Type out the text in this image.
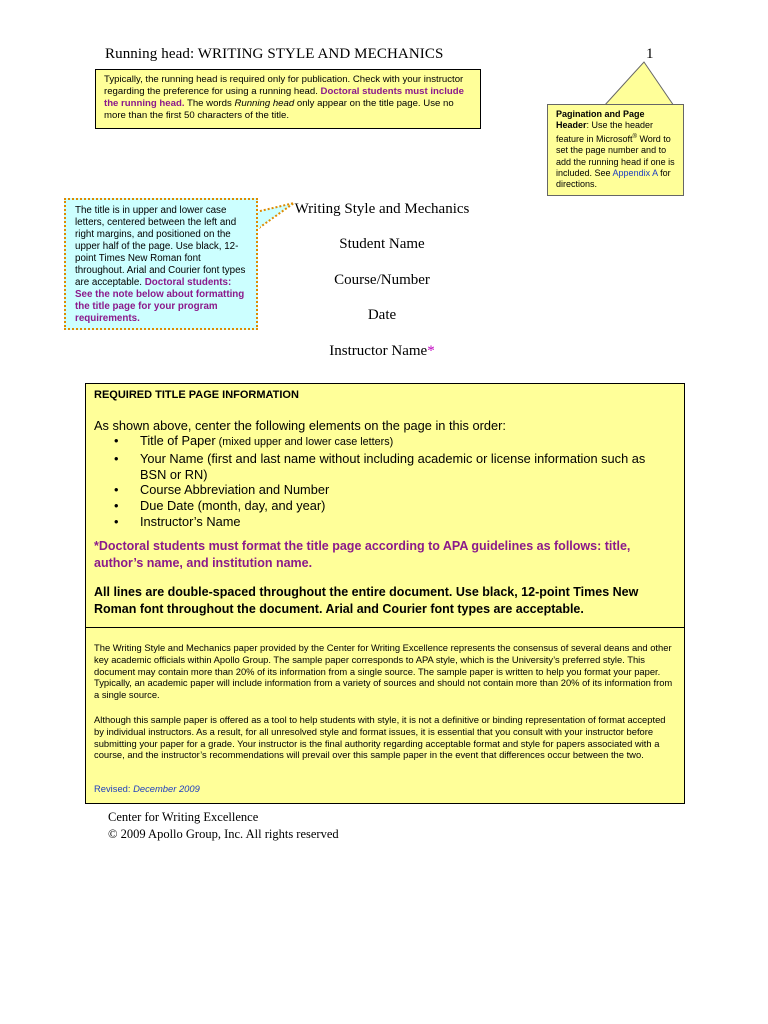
Running head: WRITING STYLE AND MECHANICS	1
Typically, the running head is required only for publication. Check with your instructor regarding the preference for using a running head. Doctoral students must include the running head. The words Running head only appear on the title page. Use no more than the first 50 characters of the title.	Pagination and Page Header: Use the header feature in Microsoft® Word to set the page number and to add the running head if one is included. See Appendix A for directions.
The title is in upper and lower case letters, centered between the left and right margins, and positioned on the upper half of the page. Use black, 12-point Times New Roman font throughout. Arial and Courier font types are acceptable. Doctoral students: See the note below about formatting the title page for your program requirements.
Writing Style and Mechanics
Student Name
Course/Number
Date
Instructor Name*
REQUIRED TITLE PAGE INFORMATION
As shown above, center the following elements on the page in this order:
• Title of Paper (mixed upper and lower case letters)
• Your Name (first and last name without including academic or license information such as BSN or RN)
• Course Abbreviation and Number
• Due Date (month, day, and year)
• Instructor’s Name
*Doctoral students must format the title page according to APA guidelines as follows: title, author’s name, and institution name.
All lines are double-spaced throughout the entire document. Use black, 12-point Times New Roman font throughout the document. Arial and Courier font types are acceptable.
The Writing Style and Mechanics paper provided by the Center for Writing Excellence represents the consensus of several deans and other key academic officials within Apollo Group. The sample paper corresponds to APA style, which is the University’s preferred style. This document may contain more than 20% of its information from a single source. The sample paper is written to help you format your paper. Typically, an academic paper will include information from a variety of sources and should not contain more than 20% of its information from a single source.
Although this sample paper is offered as a tool to help students with style, it is not a definitive or binding representation of format accepted by individual instructors. As a result, for all unresolved style and format issues, it is essential that you consult with your instructor before submitting your paper for a grade. Your instructor is the final authority regarding acceptable format and style for papers associated with a course, and the instructor’s recommendations will prevail over this sample paper in the event that differences occur between the two.
Revised: December 2009
Center for Writing Excellence
© 2009 Apollo Group, Inc. All rights reserved
